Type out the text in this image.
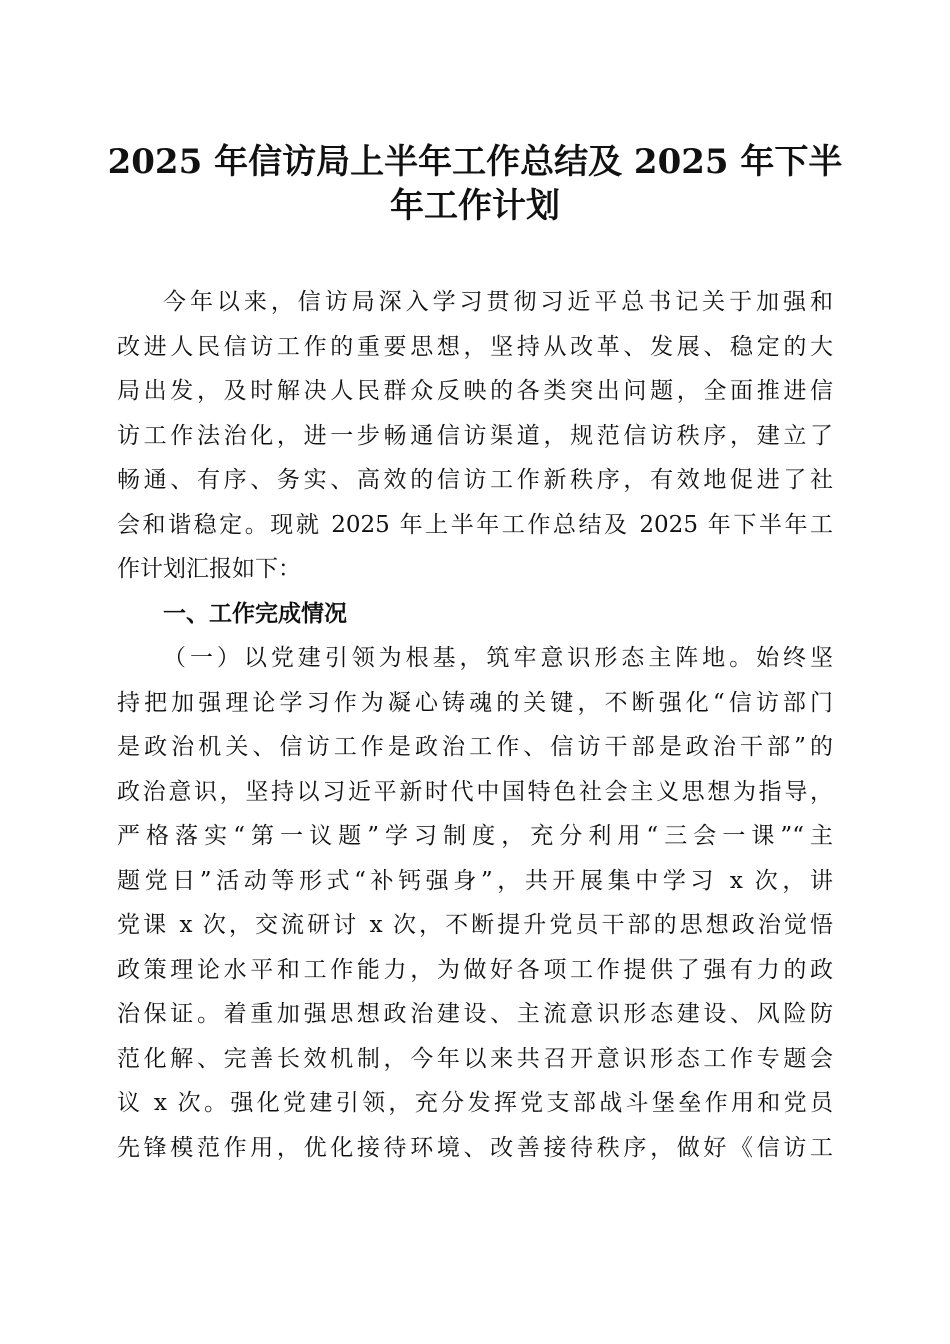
2025 年信访局上半年工作总结及 2025 年下半
年工作计划
今年以来，信访局深入学习贯彻习近平总书记关于加强和
改进人民信访工作的重要思想，坚持从改革、发展、稳定的大
局出发，及时解决人民群众反映的各类突出问题，全面推进信
访工作法治化，进一步畅通信访渠道，规范信访秩序，建立了
畅通、有序、务实、高效的信访工作新秩序，有效地促进了社
会和谐稳定。现就 2025 年上半年工作总结及 2025 年下半年工
作计划汇报如下：
一、工作完成情况
（一）以党建引领为根基，筑牢意识形态主阵地。始终坚
持把加强理论学习作为凝心铸魂的关键，不断强化“信访部门
是政治机关、信访工作是政治工作、信访干部是政治干部”的
政治意识，坚持以习近平新时代中国特色社会主义思想为指导，
严格落实“第一议题”学习制度，充分利用“三会一课”“主
题党日”活动等形式“补钙强身”，共开展集中学习 x 次，讲
党课 x 次，交流研讨 x 次，不断提升党员干部的思想政治觉悟
政策理论水平和工作能力，为做好各项工作提供了强有力的政
治保证。着重加强思想政治建设、主流意识形态建设、风险防
范化解、完善长效机制，今年以来共召开意识形态工作专题会
议 x 次。强化党建引领，充分发挥党支部战斗堡垒作用和党员
先锋模范作用，优化接待环境、改善接待秩序，做好《信访工
